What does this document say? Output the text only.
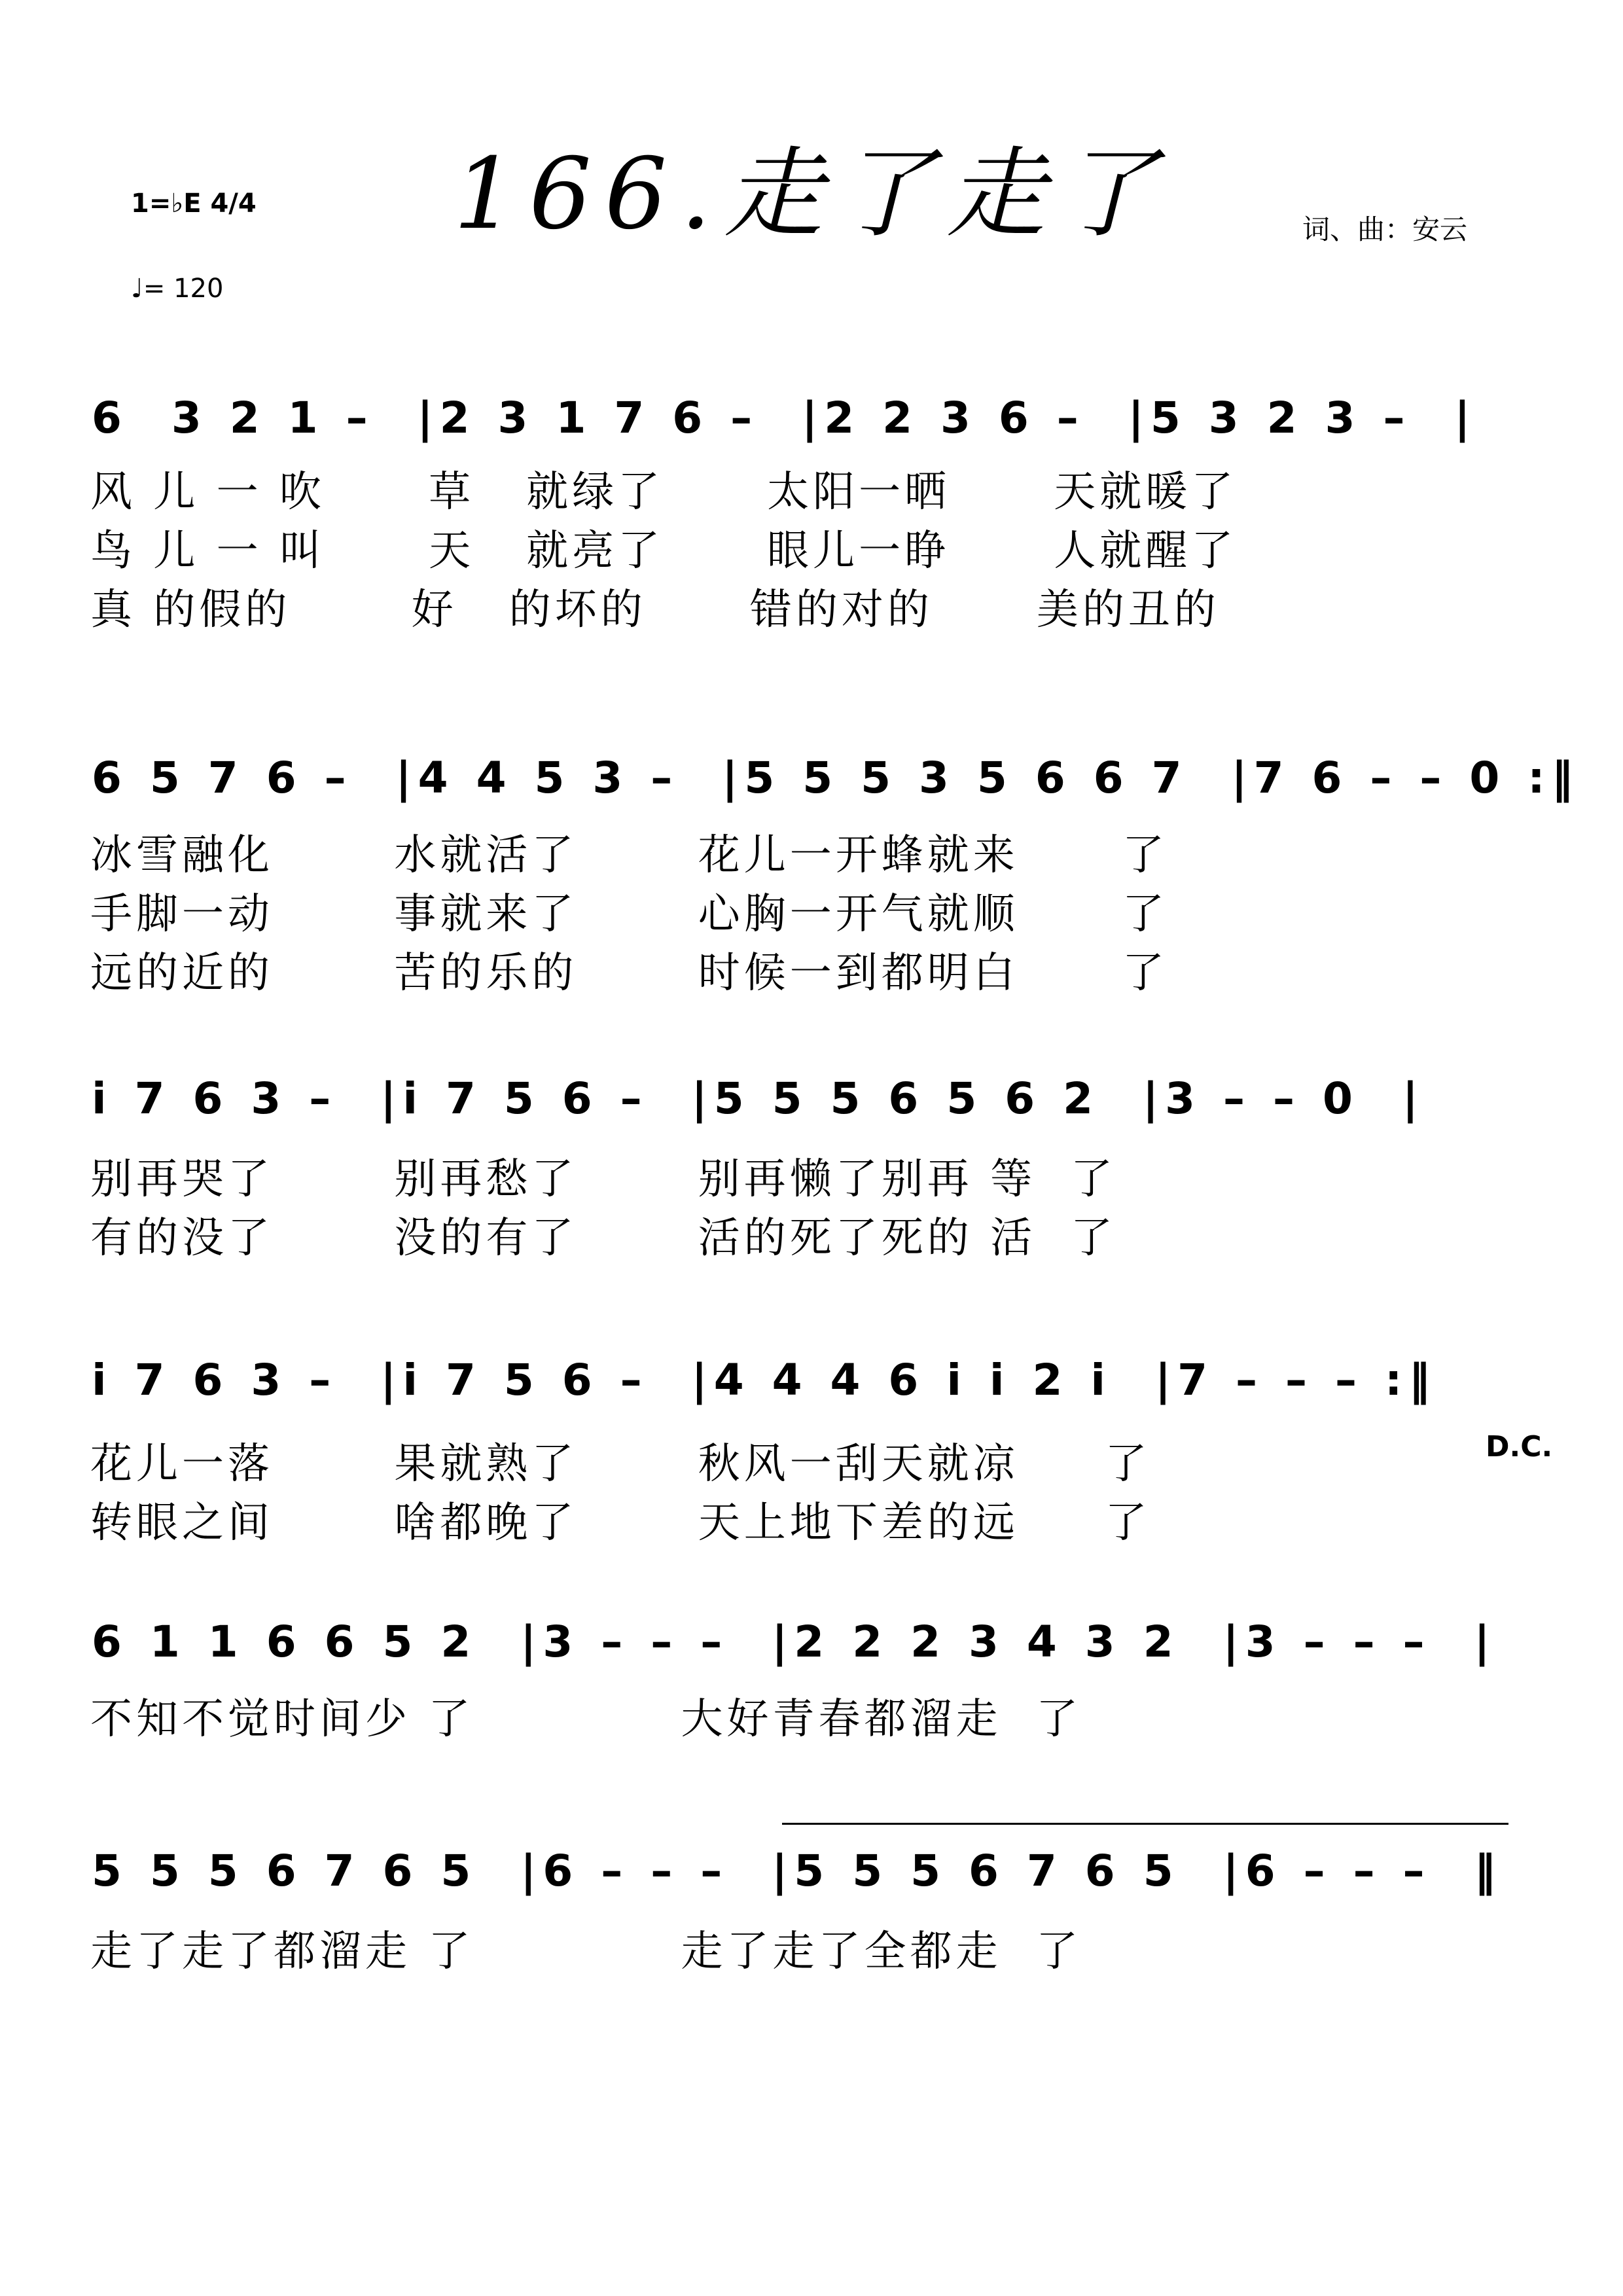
166.走了走了
1=♭E 4/4
♩= 120
词、曲：安云
6  3 2 1 –  |2 3 1 7 6 –  |2 2 3 6 –  |5 3 2 3 –  |
风 儿 一 吹      草   就绿了      太阳一晒      天就暖了
鸟 儿 一 叫      天   就亮了      眼儿一睁      人就醒了
真 的假的       好   的坏的      错的对的      美的丑的
6 5 7 6 –  |4 4 5 3 –  |5 5 5 3 5 6 6 7  |7 6 – – 0 :‖
冰雪融化       水就活了       花儿一开蜂就来      了
手脚一动       事就来了       心胸一开气就顺      了
远的近的       苦的乐的       时候一到都明白      了
i 7 6 3 –  |i 7 5 6 –  |5 5 5 6 5 6 2  |3 – – 0  |
别再哭了       别再愁了       别再懒了别再 等  了
有的没了       没的有了       活的死了死的 活  了
i 7 6 3 –  |i 7 5 6 –  |4 4 4 6 i i 2 i  |7 – – – :‖
花儿一落       果就熟了       秋风一刮天就凉     了
转眼之间       啥都晚了       天上地下差的远     了
D.C.
6 1 1 6 6 5 2  |3 – – –  |2 2 2 3 4 3 2  |3 – – –  |
不知不觉时间少 了            大好青春都溜走  了
5 5 5 6 7 6 5  |6 – – –  |5 5 5 6 7 6 5  |6 – – –  ‖
走了走了都溜走 了            走了走了全都走  了
